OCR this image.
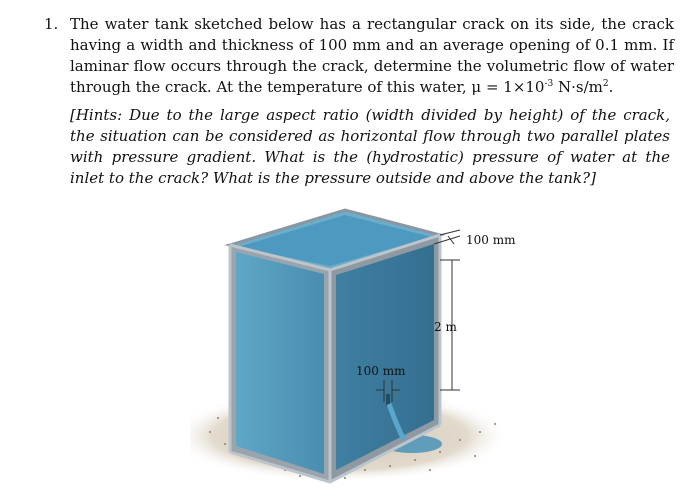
1. The water tank sketched below has a rectangular crack on its side, the crack having a width and thickness of 100 mm and an average opening of 0.1 mm. If laminar flow occurs through the crack, determine the volumetric flow of water through the crack. At the temperature of this water, $\mu = 1\times 10^{-3}$ $N\cdot s/m^2$.
[Hints: Due to the large aspect ratio (width divided by height) of the crack, the situation can be considered as horizontal flow through two parallel plates with pressure gradient. What is the (hydrostatic) pressure of water at the inlet to the crack? What is the pressure outside and above the tank?]
100 mm
2 m
100 mm
